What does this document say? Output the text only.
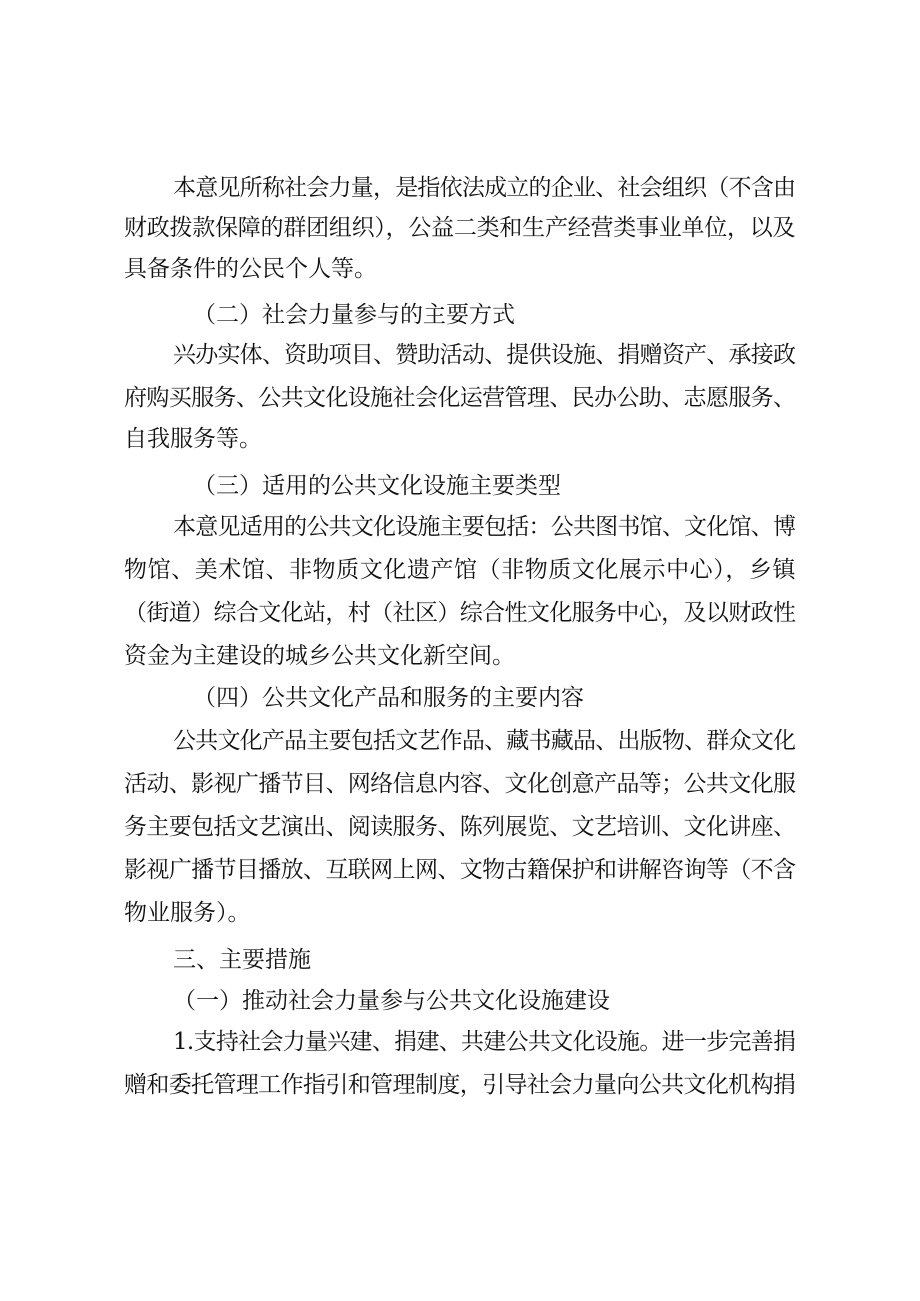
本意见所称社会力量，是指依法成立的企业、社会组织（不含由
财政拨款保障的群团组织），公益二类和生产经营类事业单位，以及
具备条件的公民个人等。
（二）社会力量参与的主要方式
兴办实体、资助项目、赞助活动、提供设施、捐赠资产、承接政
府购买服务、公共文化设施社会化运营管理、民办公助、志愿服务、
自我服务等。
（三）适用的公共文化设施主要类型
本意见适用的公共文化设施主要包括：公共图书馆、文化馆、博
物馆、美术馆、非物质文化遗产馆（非物质文化展示中心），乡镇
（街道）综合文化站，村（社区）综合性文化服务中心，及以财政性
资金为主建设的城乡公共文化新空间。
（四）公共文化产品和服务的主要内容
公共文化产品主要包括文艺作品、藏书藏品、出版物、群众文化
活动、影视广播节目、网络信息内容、文化创意产品等；公共文化服
务主要包括文艺演出、阅读服务、陈列展览、文艺培训、文化讲座、
影视广播节目播放、互联网上网、文物古籍保护和讲解咨询等（不含
物业服务）。
三、主要措施
（一）推动社会力量参与公共文化设施建设
1.支持社会力量兴建、捐建、共建公共文化设施。进一步完善捐
赠和委托管理工作指引和管理制度，引导社会力量向公共文化机构捐
